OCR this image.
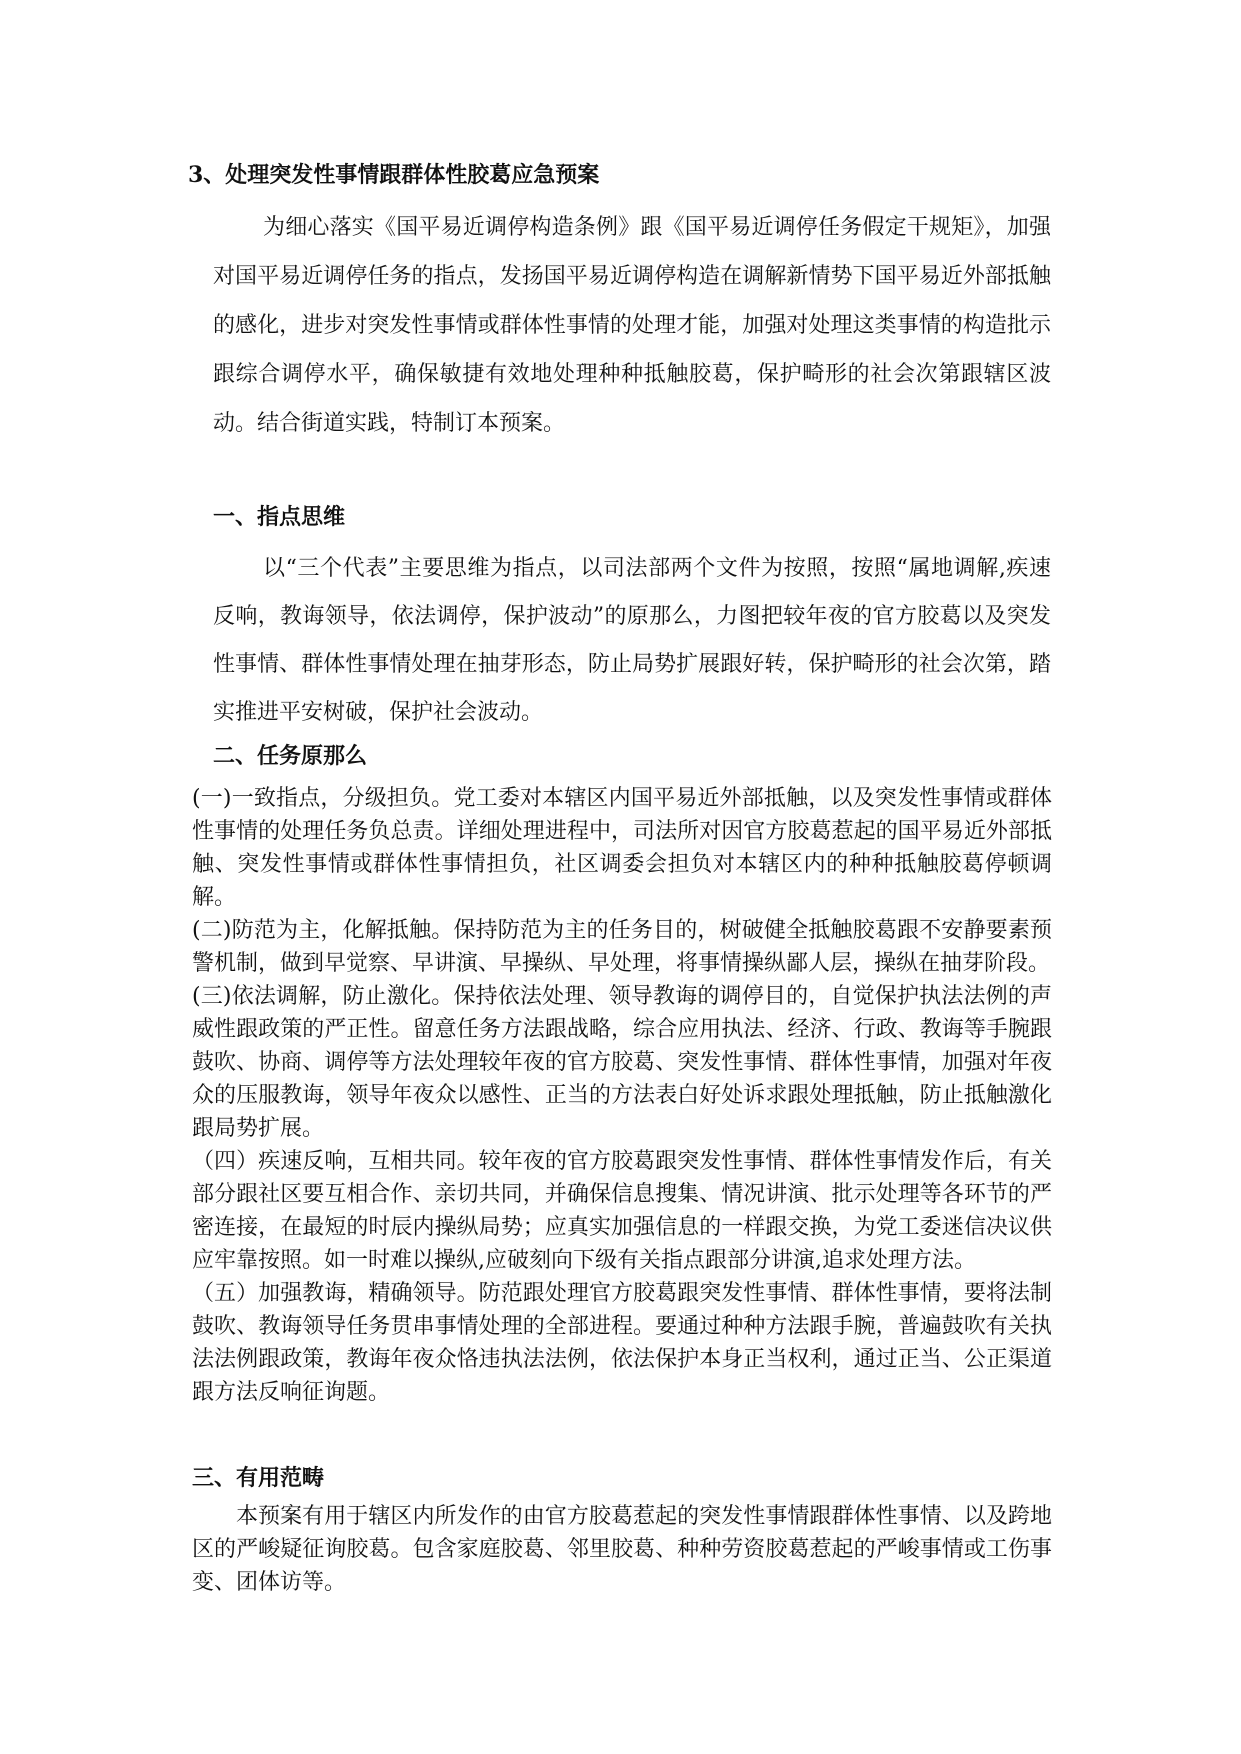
3、处理突发性事情跟群体性胶葛应急预案

为细心落实《国平易近调停构造条例》跟《国平易近调停任务假定干规矩》，加强对国平易近调停任务的指点，发扬国平易近调停构造在调解新情势下国平易近外部抵触的感化，进步对突发性事情或群体性事情的处理才能，加强对处理这类事情的构造批示跟综合调停水平，确保敏捷有效地处理种种抵触胶葛，保护畸形的社会次第跟辖区波动。结合街道实践，特制订本预案。

一、指点思维

以“三个代表”主要思维为指点，以司法部两个文件为按照，按照“属地调解,疾速反响，教诲领导，依法调停，保护波动”的原那么，力图把较年夜的官方胶葛以及突发性事情、群体性事情处理在抽芽形态，防止局势扩展跟好转，保护畸形的社会次第，踏实推进平安树破，保护社会波动。

二、任务原那么

(一)一致指点，分级担负。党工委对本辖区内国平易近外部抵触，以及突发性事情或群体性事情的处理任务负总责。详细处理进程中，司法所对因官方胶葛惹起的国平易近外部抵触、突发性事情或群体性事情担负，社区调委会担负对本辖区内的种种抵触胶葛停顿调解。

(二)防范为主，化解抵触。保持防范为主的任务目的，树破健全抵触胶葛跟不安静要素预警机制，做到早觉察、早讲演、早操纵、早处理，将事情操纵鄙人层，操纵在抽芽阶段。

(三)依法调解，防止激化。保持依法处理、领导教诲的调停目的，自觉保护执法法例的声威性跟政策的严正性。留意任务方法跟战略，综合应用执法、经济、行政、教诲等手腕跟鼓吹、协商、调停等方法处理较年夜的官方胶葛、突发性事情、群体性事情，加强对年夜众的压服教诲，领导年夜众以感性、正当的方法表白好处诉求跟处理抵触，防止抵触激化跟局势扩展。

（四）疾速反响，互相共同。较年夜的官方胶葛跟突发性事情、群体性事情发作后，有关部分跟社区要互相合作、亲切共同，并确保信息搜集、情况讲演、批示处理等各环节的严密连接，在最短的时辰内操纵局势；应真实加强信息的一样跟交换，为党工委迷信决议供应牢靠按照。如一时难以操纵,应破刻向下级有关指点跟部分讲演,追求处理方法。

（五）加强教诲，精确领导。防范跟处理官方胶葛跟突发性事情、群体性事情，要将法制鼓吹、教诲领导任务贯串事情处理的全部进程。要通过种种方法跟手腕，普遍鼓吹有关执法法例跟政策，教诲年夜众恪违执法法例，依法保护本身正当权利，通过正当、公正渠道跟方法反响征询题。

三、有用范畴

本预案有用于辖区内所发作的由官方胶葛惹起的突发性事情跟群体性事情、以及跨地区的严峻疑征询胶葛。包含家庭胶葛、邻里胶葛、种种劳资胶葛惹起的严峻事情或工伤事变、团体访等。
